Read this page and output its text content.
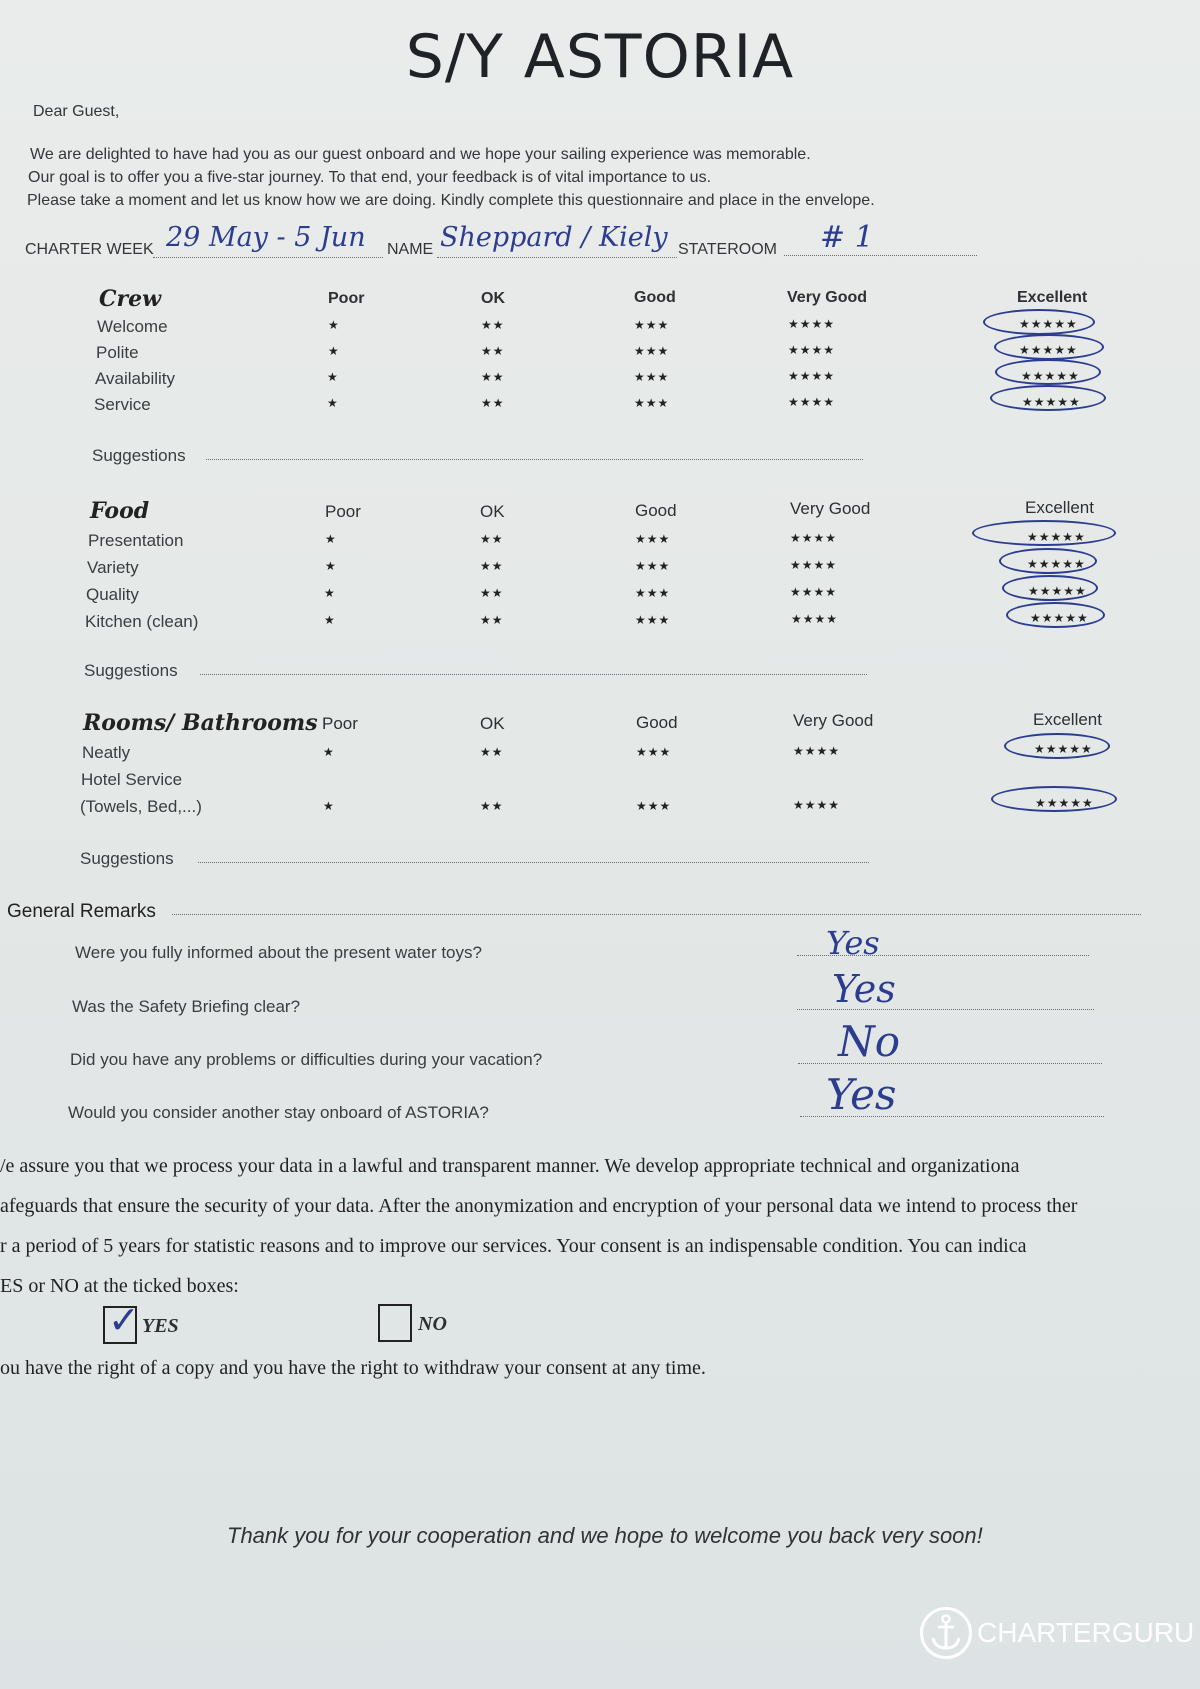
S/Y ASTORIA
Dear Guest,
We are delighted to have had you as our guest onboard and we hope your sailing experience was memorable.
Our goal is to offer you a five-star journey. To that end, your feedback is of vital importance to us.
Please take a moment and let us know how we are doing. Kindly complete this questionnaire and place in the envelope.
CHARTER WEEK 29 May - 5 Jun NAME Sheppard / Kiely STATEROOM # 1
Crew	Poor	OK	Good	Very Good	Excellent
Welcome	★	★★	★★★	★★★★	★★★★★
Polite	★	★★	★★★	★★★★	★★★★★
Availability	★	★★	★★★	★★★★	★★★★★
Service	★	★★	★★★	★★★★	★★★★★
Suggestions
Food	Poor	OK	Good	Very Good	Excellent
Presentation	★	★★	★★★	★★★★	★★★★★
Variety	★	★★	★★★	★★★★	★★★★★
Quality	★	★★	★★★	★★★★	★★★★★
Kitchen (clean)	★	★★	★★★	★★★★	★★★★★
Suggestions
Rooms/ Bathrooms Poor	OK	Good	Very Good	Excellent
Neatly	★	★★	★★★	★★★★	★★★★★
Hotel Service
(Towels, Bed,...)	★	★★	★★★	★★★★	★★★★★
Suggestions
General Remarks
Were you fully informed about the present water toys?	Yes
Was the Safety Briefing clear?	Yes
Did you have any problems or difficulties during your vacation?	No
Would you consider another stay onboard of ASTORIA?	Yes
/e assure you that we process your data in a lawful and transparent manner. We develop appropriate technical and organizationa
afeguards that ensure the security of your data. After the anonymization and encryption of your personal data we intend to process ther
r a period of 5 years for statistic reasons and to improve our services. Your consent is an indispensable condition. You can indica
ES or NO at the ticked boxes:
✓ YES	NO
ou have the right of a copy and you have the right to withdraw your consent at any time.
Thank you for your cooperation and we hope to welcome you back very soon!
CHARTERGURU
